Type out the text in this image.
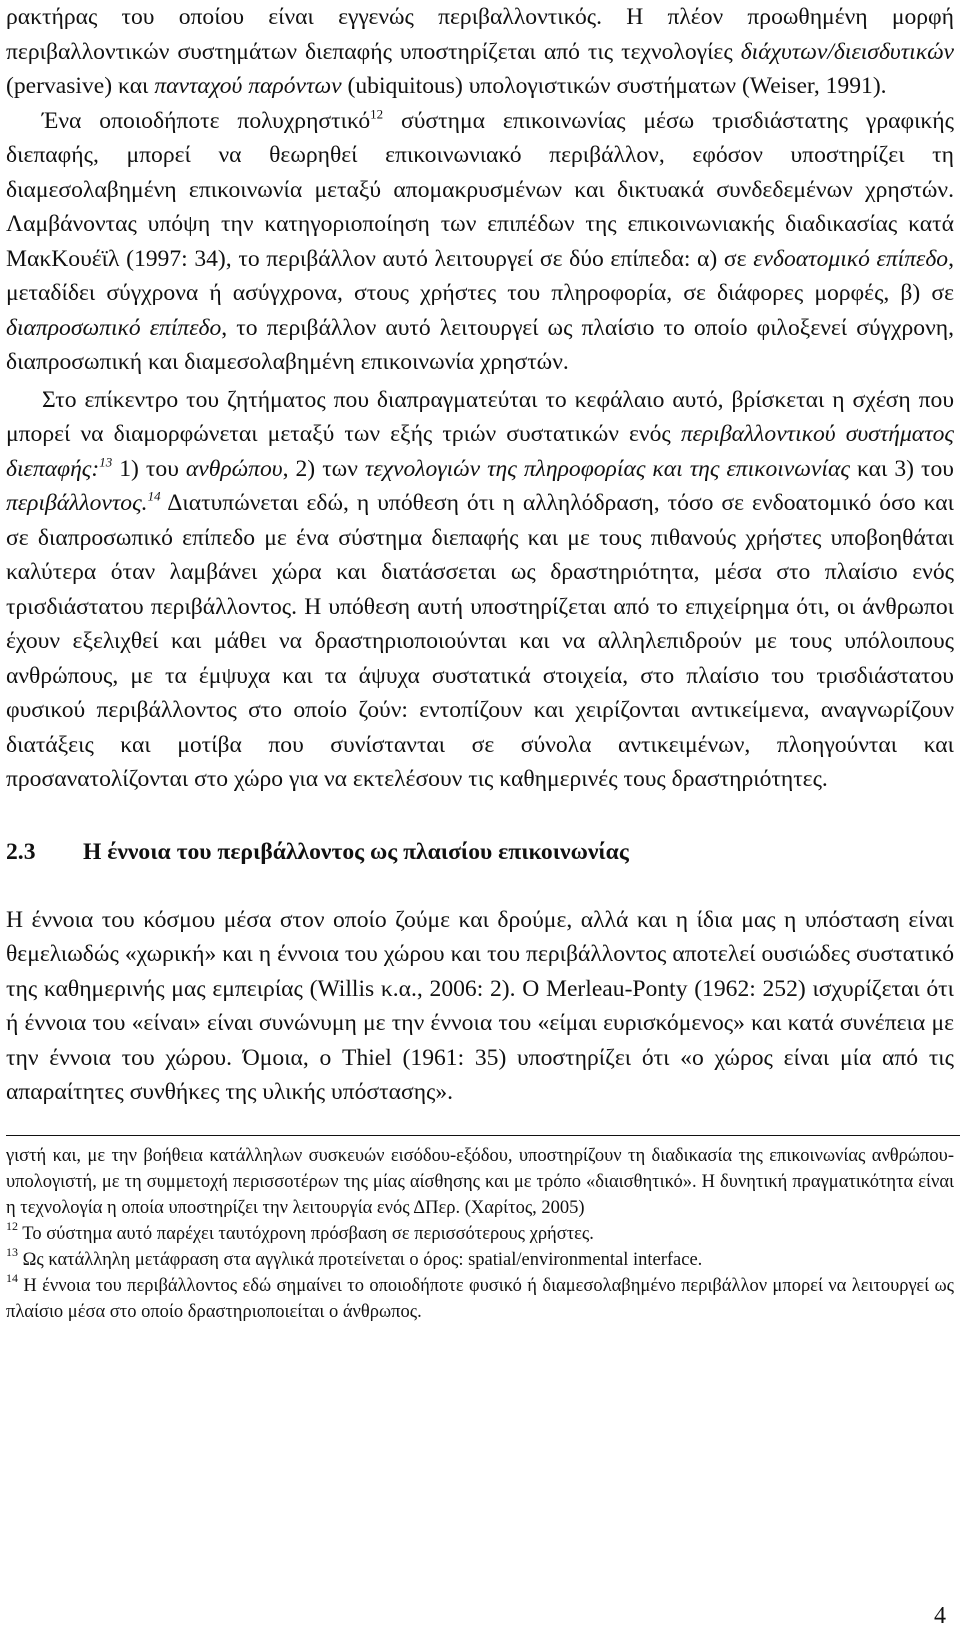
ρακτήρας του οποίου είναι εγγενώς περιβαλλοντικός. Η πλέον προωθημένη μορφή περιβαλλοντικών συστημάτων διεπαφής υποστηρίζεται από τις τεχνολογίες διάχυτων/διεισδυτικών (pervasive) και πανταχού παρόντων (ubiquitous) υπολογιστικών συστήματων (Weiser, 1991).

Ένα οποιοδήποτε πολυχρηστικό$^{12}$ σύστημα επικοινωνίας μέσω τρισδιάστατης γραφικής διεπαφής, μπορεί να θεωρηθεί επικοινωνιακό περιβάλλον, εφόσον υποστηρίζει τη διαμεσολαβημένη επικοινωνία μεταξύ απομακρυσμένων και δικτυακά συνδεδεμένων χρηστών. Λαμβάνοντας υπόψη την κατηγοριοποίηση των επιπέδων της επικοινωνιακής διαδικασίας κατά ΜακΚουέϊλ (1997: 34), το περιβάλλον αυτό λειτουργεί σε δύο επίπεδα: α) σε ενδοατομικό επίπεδο, μεταδίδει σύγχρονα ή ασύγχρονα, στους χρήστες του πληροφορία, σε διάφορες μορφές, β) σε διαπροσωπικό επίπεδο, το περιβάλλον αυτό λειτουργεί ως πλαίσιο το οποίο φιλοξενεί σύγχρονη, διαπροσωπική και διαμεσολαβημένη επικοινωνία χρηστών.

Στο επίκεντρο του ζητήματος που διαπραγματεύται το κεφάλαιο αυτό, βρίσκεται η σχέση που μπορεί να διαμορφώνεται μεταξύ των εξής τριών συστατικών ενός περιβαλλοντικού συστήματος διεπαφής:$^{13}$ 1) του ανθρώπου, 2) των τεχνολογιών της πληροφορίας και της επικοινωνίας και 3) του περιβάλλοντος.$^{14}$ Διατυπώνεται εδώ, η υπόθεση ότι η αλληλόδραση, τόσο σε ενδοατομικό όσο και σε διαπροσωπικό επίπεδο με ένα σύστημα διεπαφής και με τους πιθανούς χρήστες υποβοηθάται καλύτερα όταν λαμβάνει χώρα και διατάσσεται ως δραστηριότητα, μέσα στο πλαίσιο ενός τρισδιάστατου περιβάλλοντος. Η υπόθεση αυτή υποστηρίζεται από το επιχείρημα ότι, οι άνθρωποι έχουν εξελιχθεί και μάθει να δραστηριοποιούνται και να αλληλεπιδρούν με τους υπόλοιπους ανθρώπους, με τα έμψυχα και τα άψυχα συστατικά στοιχεία, στο πλαίσιο του τρισδιάστατου φυσικού περιβάλλοντος στο οποίο ζούν: εντοπίζουν και χειρίζονται αντικείμενα, αναγνωρίζουν διατάξεις και μοτίβα που συνίστανται σε σύνολα αντικειμένων, πλοηγούνται και προσανατολίζονται στο χώρο για να εκτελέσουν τις καθημερινές τους δραστηριότητες.

2.3	Η έννοια του περιβάλλοντος ως πλαισίου επικοινωνίας

Η έννοια του κόσμου μέσα στον οποίο ζούμε και δρούμε, αλλά και η ίδια μας η υπόσταση είναι θεμελιωδώς «χωρική» και η έννοια του χώρου και του περιβάλλοντος αποτελεί ουσιώδες συστατικό της καθημερινής μας εμπειρίας (Willis κ.α., 2006: 2). Ο Merleau-Ponty (1962: 252) ισχυρίζεται ότι ή έννοια του «είναι» είναι συνώνυμη με την έννοια του «είμαι ευρισκόμενος» και κατά συνέπεια με την έννοια του χώρου. Όμοια, ο Thiel (1961: 35) υποστηρίζει ότι «ο χώρος είναι μία από τις απαραίτητες συνθήκες της υλικής υπόστασης».

γιστή και, με την βοήθεια κατάλληλων συσκευών εισόδου-εξόδου, υποστηρίζουν τη διαδικασία της επικοινωνίας ανθρώπου-υπολογιστή, με τη συμμετοχή περισσοτέρων της μίας αίσθησης και με τρόπο «διαισθητικό». Η δυνητική πραγματικότητα είναι η τεχνολογία η οποία υποστηρίζει την λειτουργία ενός ΔΠερ. (Χαρίτος, 2005)

$^{12}$ Το σύστημα αυτό παρέχει ταυτόχρονη πρόσβαση σε περισσότερους χρήστες.

$^{13}$ Ως κατάλληλη μετάφραση στα αγγλικά προτείνεται ο όρος: spatial/environmental interface.

$^{14}$ Η έννοια του περιβάλλοντος εδώ σημαίνει το οποιοδήποτε φυσικό ή διαμεσολαβημένο περιβάλλον μπορεί να λειτουργεί ως πλαίσιο μέσα στο οποίο δραστηριοποιείται ο άνθρωπος.

4
